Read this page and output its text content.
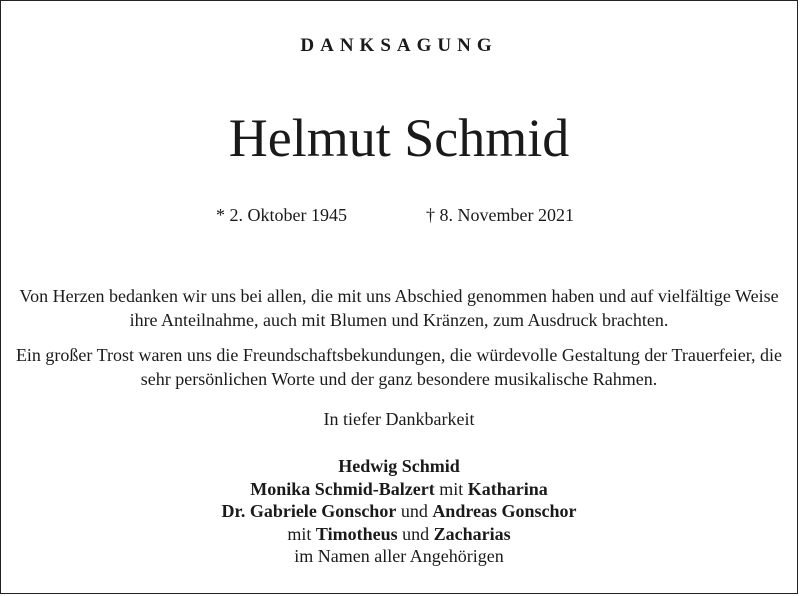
DANKSAGUNG
Helmut Schmid
* 2. Oktober 1945	† 8. November 2021
Von Herzen bedanken wir uns bei allen, die mit uns Abschied genommen haben und auf vielfältige Weise ihre Anteilnahme, auch mit Blumen und Kränzen, zum Ausdruck brachten.
Ein großer Trost waren uns die Freundschaftsbekundungen, die würdevolle Gestaltung der Trauerfeier, die sehr persönlichen Worte und der ganz besondere musikalische Rahmen.
In tiefer Dankbarkeit
Hedwig Schmid
Monika Schmid-Balzert mit Katharina
Dr. Gabriele Gonschor und Andreas Gonschor
mit Timotheus und Zacharias
im Namen aller Angehörigen
